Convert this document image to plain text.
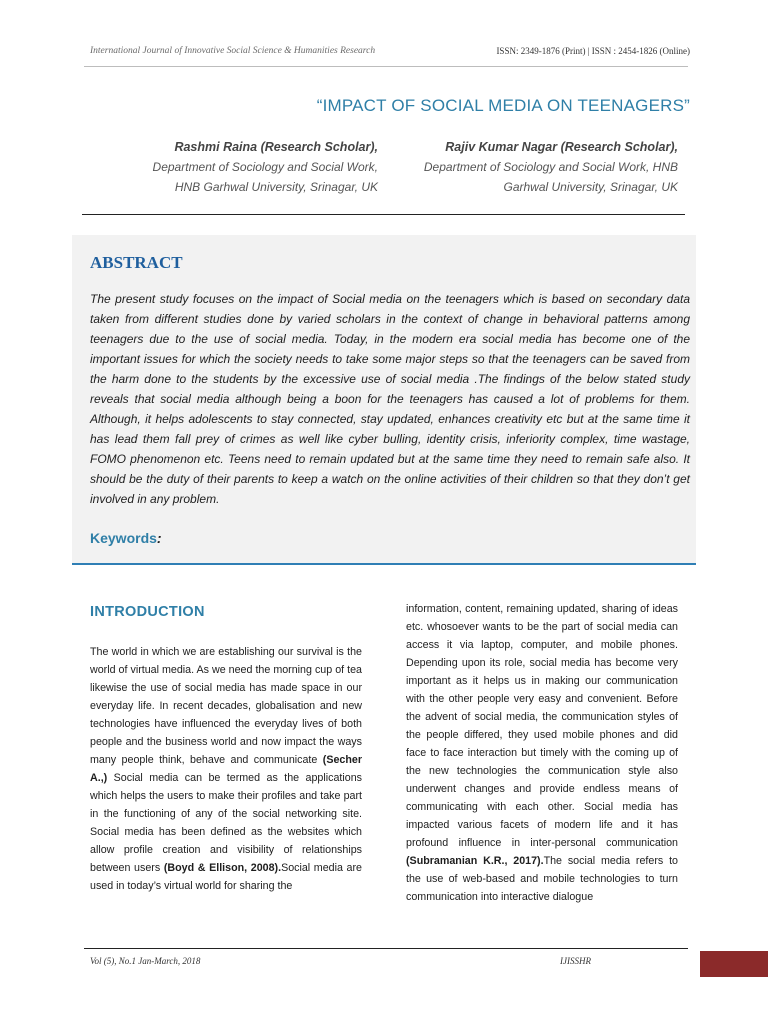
International Journal of Innovative Social Science & Humanities Research	ISSN: 2349-1876 (Print) | ISSN : 2454-1826 (Online)
“IMPACT OF SOCIAL MEDIA ON TEENAGERS”
Rashmi Raina (Research Scholar),
Department of Sociology and Social Work,
HNB Garhwal University, Srinagar, UK
Rajiv Kumar Nagar (Research Scholar),
Department of Sociology and Social Work, HNB
Garhwal University, Srinagar, UK
ABSTRACT
The present study focuses on the impact of Social media on the teenagers which is based on secondary data taken from different studies done by varied scholars in the context of change in behavioral patterns among teenagers due to the use of social media. Today, in the modern era social media has become one of the important issues for which the society needs to take some major steps so that the teenagers can be saved from the harm done to the students by the excessive use of social media .The findings of the below stated study reveals that social media although being a boon for the teenagers has caused a lot of problems for them. Although, it helps adolescents to stay connected, stay updated, enhances creativity etc but at the same time it has lead them fall prey of crimes as well like cyber bulling, identity crisis, inferiority complex, time wastage, FOMO phenomenon etc. Teens need to remain updated but at the same time they need to remain safe also. It should be the duty of their parents to keep a watch on the online activities of their children so that they don’t get involved in any problem.
Keywords:
INTRODUCTION
The world in which we are establishing our survival is the world of virtual media. As we need the morning cup of tea likewise the use of social media has made space in our everyday life. In recent decades, globalisation and new technologies have influenced the everyday lives of both people and the business world and now impact the ways many people think, behave and communicate (Secher A.,) Social media can be termed as the applications which helps the users to make their profiles and take part in the functioning of any of the social networking site. Social media has been defined as the websites which allow profile creation and visibility of relationships between users (Boyd & Ellison, 2008).Social media are used in today’s virtual world for sharing the
information, content, remaining updated, sharing of ideas etc. whosoever wants to be the part of social media can access it via laptop, computer, and mobile phones. Depending upon its role, social media has become very important as it helps us in making our communication with the other people very easy and convenient. Before the advent of social media, the communication styles of the people differed, they used mobile phones and did face to face interaction but timely with the coming up of the new technologies the communication style also underwent changes and provide endless means of communicating with each other. Social media has impacted various facets of modern life and it has profound influence in inter-personal communication (Subramanian K.R., 2017).The social media refers to the use of web-based and mobile technologies to turn communication into interactive dialogue
Vol (5), No.1 Jan-March, 2018	IJISSHR
